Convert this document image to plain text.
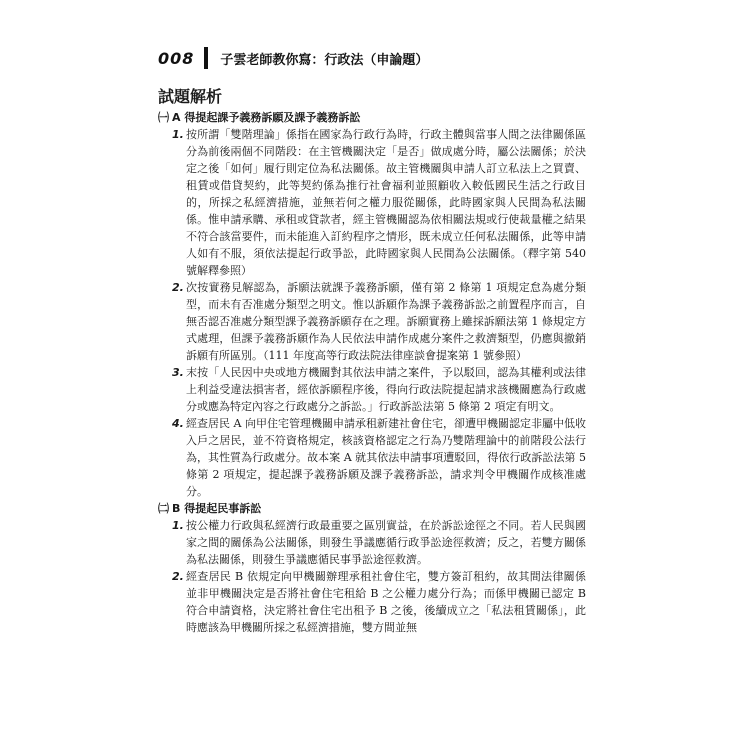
008 子雲老師教你寫：行政法（申論題）
試題解析
㈠ A 得提起課予義務訴願及課予義務訴訟
1. 按所謂「雙階理論」係指在國家為行政行為時，行政主體與當事人間之法律關係區分為前後兩個不同階段：在主管機關決定「是否」做成處分時，屬公法關係；於決定之後「如何」履行則定位為私法關係。故主管機關與申請人訂立私法上之買賣、租賃或借貸契約，此等契約係為推行社會福利並照顧收入較低國民生活之行政目的，所採之私經濟措施，並無若何之權力服從關係，此時國家與人民間為私法關係。惟申請承購、承租或貸款者，經主管機關認為依相關法規或行使裁量權之結果不符合該當要件，而未能進入訂約程序之情形，既未成立任何私法關係，此等申請人如有不服，須依法提起行政爭訟，此時國家與人民間為公法關係。（釋字第 540 號解釋參照）
2. 次按實務見解認為，訴願法就課予義務訴願，僅有第 2 條第 1 項規定怠為處分類型，而未有否准處分類型之明文。惟以訴願作為課予義務訴訟之前置程序而言，自無否認否准處分類型課予義務訴願存在之理。訴願實務上雖採訴願法第 1 條規定方式處理，但課予義務訴願作為人民依法申請作成處分案件之救濟類型，仍應與撤銷訴願有所區別。（111 年度高等行政法院法律座談會提案第 1 號參照）
3. 末按「人民因中央或地方機關對其依法申請之案件，予以駁回，認為其權利或法律上利益受違法損害者，經依訴願程序後，得向行政法院提起請求該機關應為行政處分或應為特定內容之行政處分之訴訟。」行政訴訟法第 5 條第 2 項定有明文。
4. 經查居民 A 向甲住宅管理機關申請承租新建社會住宅，卻遭甲機關認定非屬中低收入戶之居民，並不符資格規定，核該資格認定之行為乃雙階理論中的前階段公法行為，其性質為行政處分。故本案 A 就其依法申請事項遭駁回，得依行政訴訟法第 5 條第 2 項規定，提起課予義務訴願及課予義務訴訟，請求判令甲機關作成核准處分。
㈡ B 得提起民事訴訟
1. 按公權力行政與私經濟行政最重要之區別實益，在於訴訟途徑之不同。若人民與國家之間的關係為公法關係，則發生爭議應循行政爭訟途徑救濟；反之，若雙方關係為私法關係，則發生爭議應循民事爭訟途徑救濟。
2. 經查居民 B 依規定向甲機關辦理承租社會住宅，雙方簽訂租約，故其間法律關係並非甲機關決定是否將社會住宅租給 B 之公權力處分行為；而係甲機關已認定 B 符合申請資格，決定將社會住宅出租予 B 之後，後續成立之「私法租賃關係」，此時應該為甲機關所採之私經濟措施，雙方間並無
